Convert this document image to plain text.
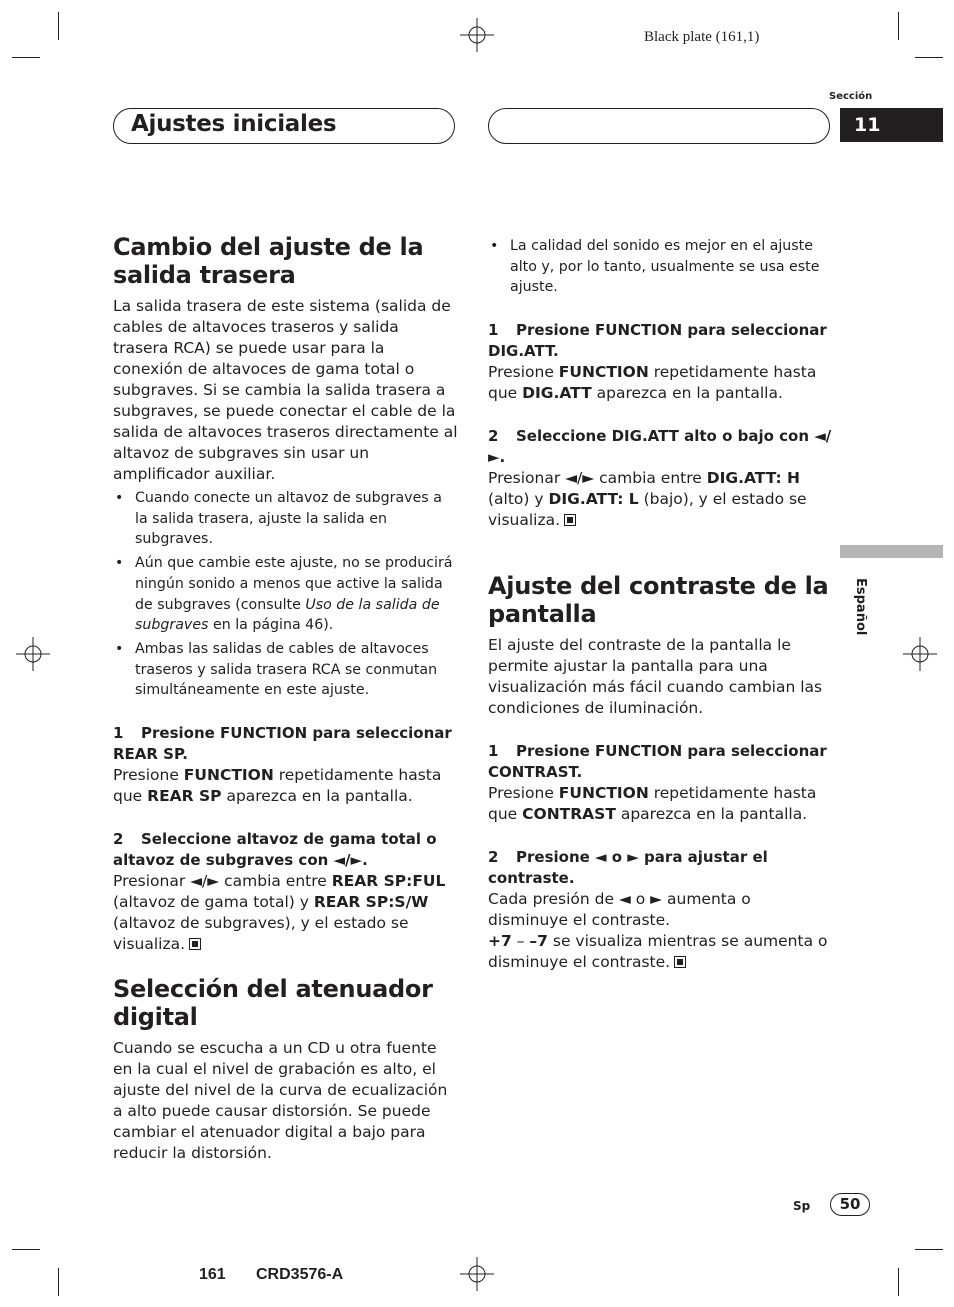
Black plate (161,1)
Sección
11
Ajustes iniciales
Cambio del ajuste de la salida trasera

La salida trasera de este sistema (salida de cables de altavoces traseros y salida trasera RCA) se puede usar para la conexión de altavoces de gama total o subgraves. Si se cambia la salida trasera a subgraves, se puede conectar el cable de la salida de altavoces traseros directamente al altavoz de subgraves sin usar un amplificador auxiliar.

• Cuando conecte un altavoz de subgraves a la salida trasera, ajuste la salida en subgraves.
• Aún que cambie este ajuste, no se producirá ningún sonido a menos que active la salida de subgraves (consulte Uso de la salida de subgraves en la página 46).
• Ambas las salidas de cables de altavoces traseros y salida trasera RCA se conmutan simultáneamente en este ajuste.

1 Presione FUNCTION para seleccionar REAR SP.

Presione FUNCTION repetidamente hasta que REAR SP aparezca en la pantalla.

2 Seleccione altavoz de gama total o altavoz de subgraves con ◄/►.

Presionar ◄/► cambia entre REAR SP:FUL (altavoz de gama total) y REAR SP:S/W (altavoz de subgraves), y el estado se visualiza.

Selección del atenuador digital

Cuando se escucha a un CD u otra fuente en la cual el nivel de grabación es alto, el ajuste del nivel de la curva de ecualización a alto puede causar distorsión. Se puede cambiar el atenuador digital a bajo para reducir la distorsión.

• La calidad del sonido es mejor en el ajuste alto y, por lo tanto, usualmente se usa este ajuste.

1 Presione FUNCTION para seleccionar DIG.ATT.

Presione FUNCTION repetidamente hasta que DIG.ATT aparezca en la pantalla.

2 Seleccione DIG.ATT alto o bajo con ◄/►.

Presionar ◄/► cambia entre DIG.ATT: H (alto) y DIG.ATT: L (bajo), y el estado se visualiza.

Ajuste del contraste de la pantalla

El ajuste del contraste de la pantalla le permite ajustar la pantalla para una visualización más fácil cuando cambian las condiciones de iluminación.

1 Presione FUNCTION para seleccionar CONTRAST.

Presione FUNCTION repetidamente hasta que CONTRAST aparezca en la pantalla.

2 Presione ◄ o ► para ajustar el contraste.

Cada presión de ◄ o ► aumenta o disminuye el contraste.

+7 – –7 se visualiza mientras se aumenta o disminuye el contraste.

Español
Sp	50
161 CRD3576-A
